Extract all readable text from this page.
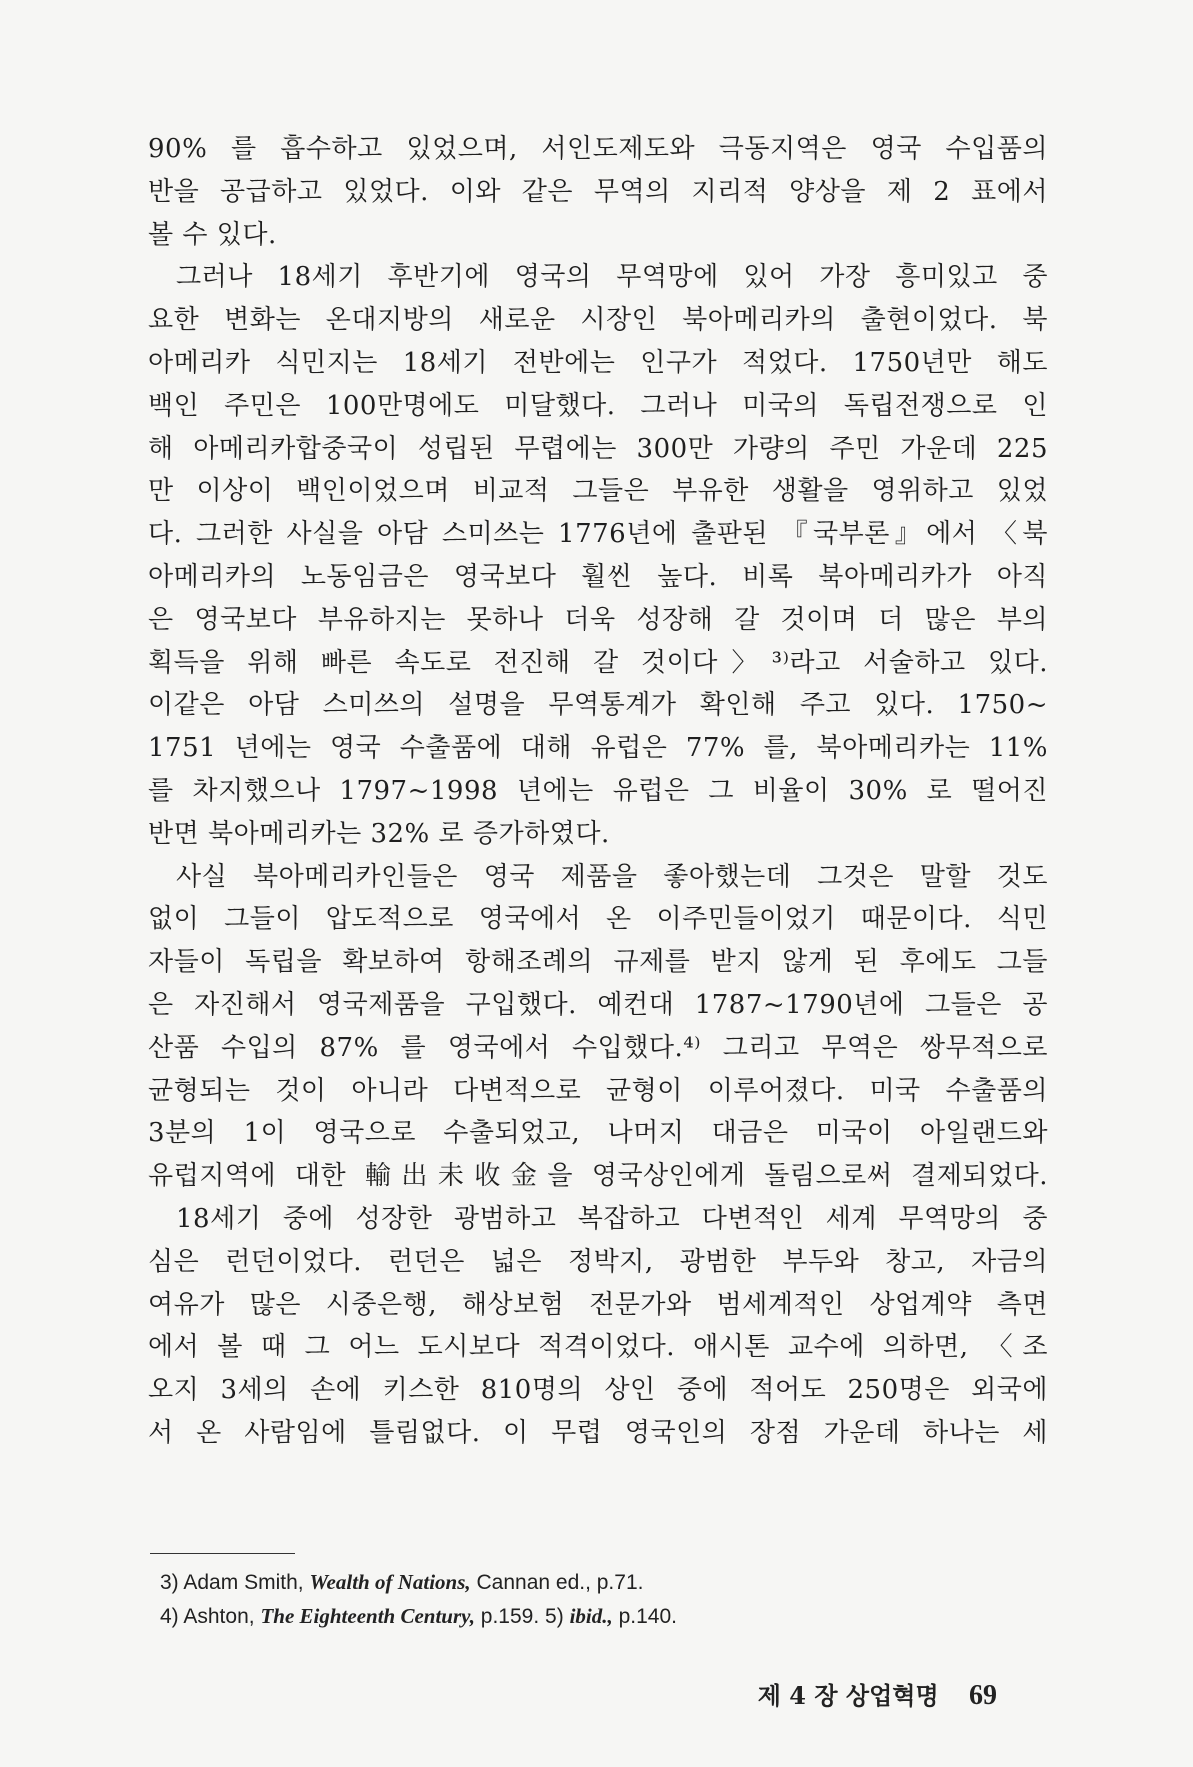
90% 를 흡수하고 있었으며, 서인도제도와 극동지역은 영국 수입품의
반을 공급하고 있었다. 이와 같은 무역의 지리적 양상을 제 2 표에서
볼 수 있다.
그러나 18세기 후반기에 영국의 무역망에 있어 가장 흥미있고 중
요한 변화는 온대지방의 새로운 시장인 북아메리카의 출현이었다. 북
아메리카 식민지는 18세기 전반에는 인구가 적었다. 1750년만 해도
백인 주민은 100만명에도 미달했다. 그러나 미국의 독립전쟁으로 인
해 아메리카합중국이 성립된 무렵에는 300만 가량의 주민 가운데 225
만 이상이 백인이었으며 비교적 그들은 부유한 생활을 영위하고 있었
다. 그러한 사실을 아담 스미쓰는 1776년에 출판된 『국부론』에서 〈북
아메리카의 노동임금은 영국보다 훨씬 높다. 비록 북아메리카가 아직
은 영국보다 부유하지는 못하나 더욱 성장해 갈 것이며 더 많은 부의
획득을 위해 빠른 속도로 전진해 갈 것이다〉³⁾라고 서술하고 있다.
이같은 아담 스미쓰의 설명을 무역통계가 확인해 주고 있다. 1750~
1751 년에는 영국 수출품에 대해 유럽은 77% 를, 북아메리카는 11%
를 차지했으나 1797~1998 년에는 유럽은 그 비율이 30% 로 떨어진
반면 북아메리카는 32% 로 증가하였다.
사실 북아메리카인들은 영국 제품을 좋아했는데 그것은 말할 것도
없이 그들이 압도적으로 영국에서 온 이주민들이었기 때문이다. 식민
자들이 독립을 확보하여 항해조례의 규제를 받지 않게 된 후에도 그들
은 자진해서 영국제품을 구입했다. 예컨대 1787~1790년에 그들은 공
산품 수입의 87% 를 영국에서 수입했다.⁴⁾ 그리고 무역은 쌍무적으로
균형되는 것이 아니라 다변적으로 균형이 이루어졌다. 미국 수출품의
3분의 1이 영국으로 수출되었고, 나머지 대금은 미국이 아일랜드와
유럽지역에 대한 輸出未收金을 영국상인에게 돌림으로써 결제되었다.
18세기 중에 성장한 광범하고 복잡하고 다변적인 세계 무역망의 중
심은 런던이었다. 런던은 넓은 정박지, 광범한 부두와 창고, 자금의
여유가 많은 시중은행, 해상보험 전문가와 범세계적인 상업계약 측면
에서 볼 때 그 어느 도시보다 적격이었다. 애시톤 교수에 의하면, 〈조
오지 3세의 손에 키스한 810명의 상인 중에 적어도 250명은 외국에
서 온 사람임에 틀림없다. 이 무렵 영국인의 장점 가운데 하나는 세
3) Adam Smith, Wealth of Nations, Cannan ed., p.71.
4) Ashton, The Eighteenth Century, p.159. 5) ibid., p.140.
제 4 장 상업혁명 69
